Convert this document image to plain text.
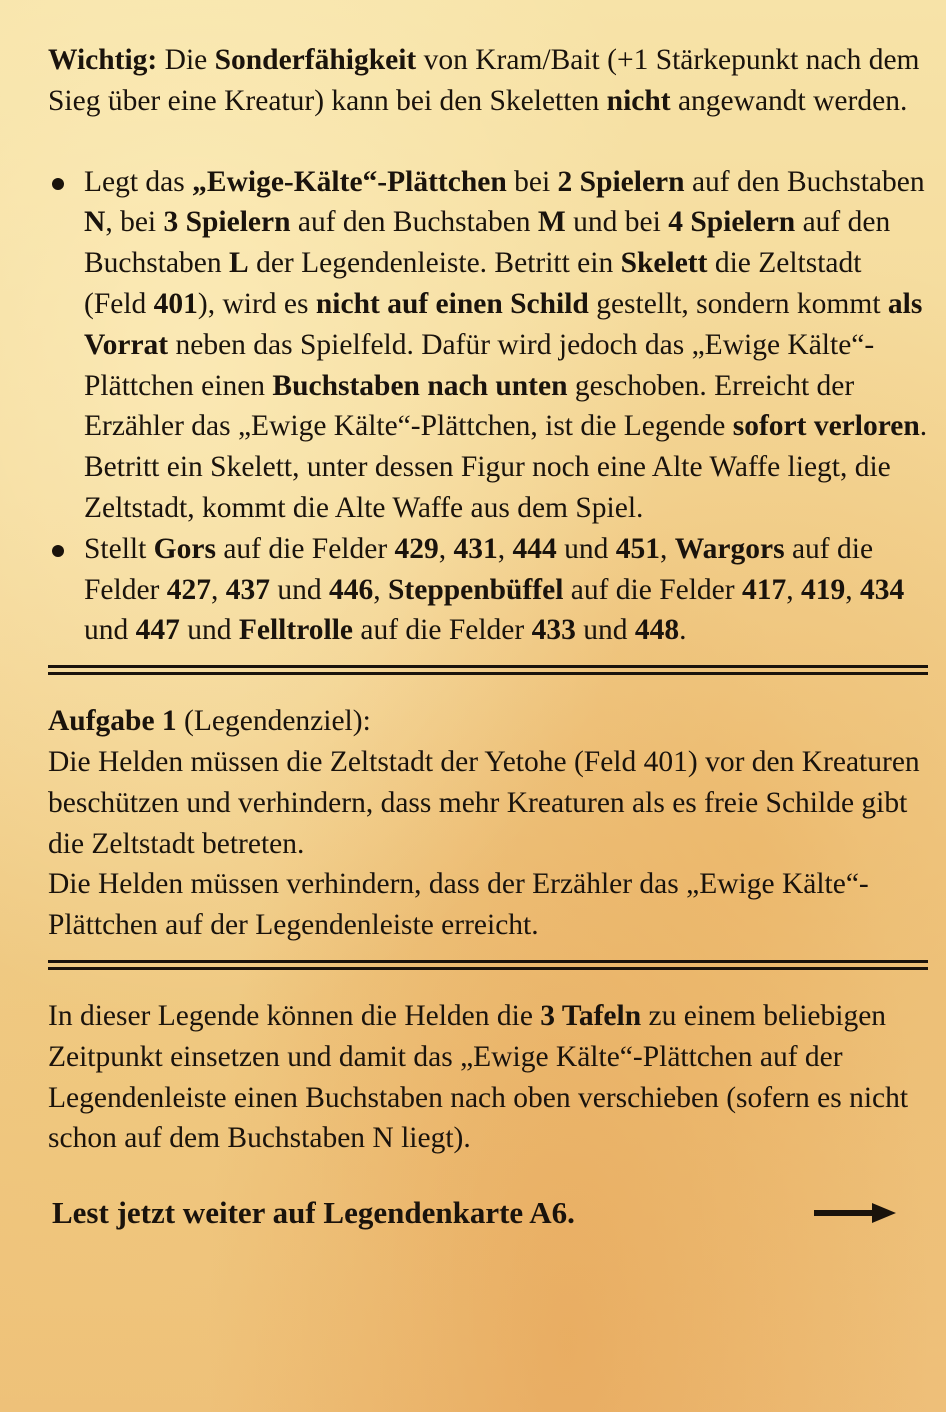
Wichtig: Die Sonderfähigkeit von Kram/Bait (+1 Stärkepunkt nach dem Sieg über eine Kreatur) kann bei den Skeletten nicht angewandt werden.

Legt das „Ewige-Kälte“-Plättchen bei 2 Spielern auf den Buchstaben N, bei 3 Spielern auf den Buchstaben M und bei 4 Spielern auf den Buchstaben L der Legendenleiste. Betritt ein Skelett die Zeltstadt (Feld 401), wird es nicht auf einen Schild gestellt, sondern kommt als Vorrat neben das Spielfeld. Dafür wird jedoch das „Ewige Kälte“-Plättchen einen Buchstaben nach unten geschoben. Erreicht der Erzähler das „Ewige Kälte“-Plättchen, ist die Legende sofort verloren. Betritt ein Skelett, unter dessen Figur noch eine Alte Waffe liegt, die Zeltstadt, kommt die Alte Waffe aus dem Spiel.
Stellt Gors auf die Felder 429, 431, 444 und 451, Wargors auf die Felder 427, 437 und 446, Steppenbüffel auf die Felder 417, 419, 434 und 447 und Felltrolle auf die Felder 433 und 448.

Aufgabe 1 (Legendenziel):

Die Helden müssen die Zeltstadt der Yetohe (Feld 401) vor den Kreaturen beschützen und verhindern, dass mehr Kreaturen als es freie Schilde gibt die Zeltstadt betreten.

Die Helden müssen verhindern, dass der Erzähler das „Ewige Kälte“-Plättchen auf der Legendenleiste erreicht.

In dieser Legende können die Helden die 3 Tafeln zu einem beliebigen Zeitpunkt einsetzen und damit das „Ewige Kälte“-Plättchen auf der Legendenleiste einen Buchstaben nach oben verschieben (sofern es nicht schon auf dem Buchstaben N liegt).

Lest jetzt weiter auf Legendenkarte A6.
